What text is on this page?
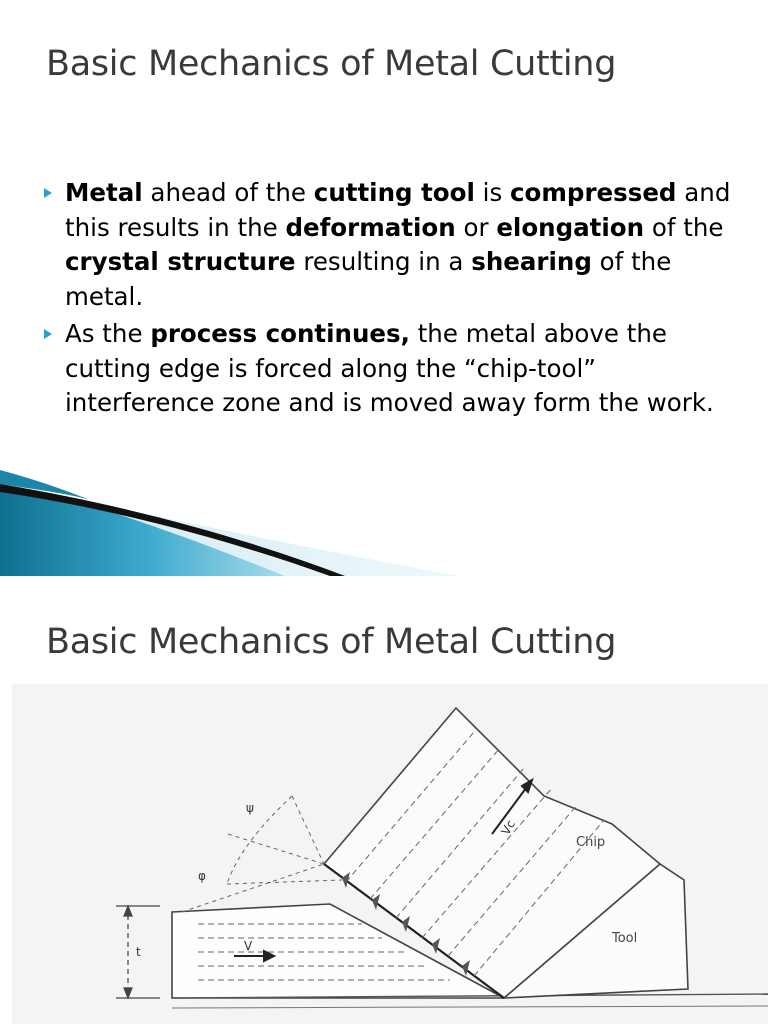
Basic Mechanics of Metal Cutting
Metal ahead of the cutting tool is compressed and this results in the deformation or elongation of the crystal structure resulting in a shearing of the metal.
As the process continues, the metal above the cutting edge is forced along the “chip-tool” interference zone and is moved away form the work.
Basic Mechanics of Metal Cutting
Chip
Tool
Vc
V
ψ
φ
t
